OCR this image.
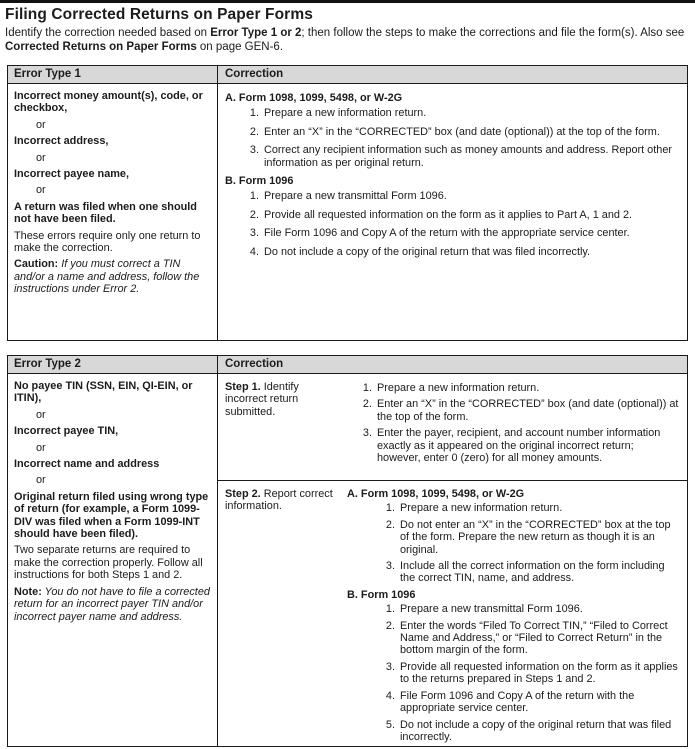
Filing Corrected Returns on Paper Forms

Identify the correction needed based on Error Type 1 or 2; then follow the steps to make the corrections and file the form(s). Also see Corrected Returns on Paper Forms on page GEN-6.

Error Type 1	Correction

Incorrect money amount(s), code, or checkbox,

or

Incorrect address,

or

Incorrect payee name,

or

A return was filed when one should not have been filed.

These errors require only one return to make the correction.

Caution: If you must correct a TIN and/or a name and address, follow the instructions under Error 2.

A. Form 1098, 1099, 5498, or W-2G
1. Prepare a new information return.
2. Enter an “X” in the “CORRECTED” box (and date (optional)) at the top of the form.
3. Correct any recipient information such as money amounts and address. Report other information as per original return.
B. Form 1096
1. Prepare a new transmittal Form 1096.
2. Provide all requested information on the form as it applies to Part A, 1 and 2.
3. File Form 1096 and Copy A of the return with the appropriate service center.
4. Do not include a copy of the original return that was filed incorrectly.
Error Type 2	Correction

No payee TIN (SSN, EIN, QI-EIN, or ITIN),

or

Incorrect payee TIN,

or

Incorrect name and address

or

Original return filed using wrong type of return (for example, a Form 1099-DIV was filed when a Form 1099-INT should have been filed).

Two separate returns are required to make the correction properly. Follow all instructions for both Steps 1 and 2.

Note: You do not have to file a corrected return for an incorrect payer TIN and/or incorrect payer name and address.

Step 1. Identify incorrect return submitted.
1. Prepare a new information return.
2. Enter an “X” in the “CORRECTED” box (and date (optional)) at the top of the form.
3. Enter the payer, recipient, and account number information exactly as it appeared on the original incorrect return; however, enter 0 (zero) for all money amounts.
Step 2. Report correct information.
A. Form 1098, 1099, 5498, or W-2G
1. Prepare a new information return.
2. Do not enter an “X” in the “CORRECTED” box at the top of the form. Prepare the new return as though it is an original.
3. Include all the correct information on the form including the correct TIN, name, and address.
B. Form 1096
1. Prepare a new transmittal Form 1096.
2. Enter the words “Filed To Correct TIN,” “Filed to Correct Name and Address,” or “Filed to Correct Return” in the bottom margin of the form.
3. Provide all requested information on the form as it applies to the returns prepared in Steps 1 and 2.
4. File Form 1096 and Copy A of the return with the appropriate service center.
5. Do not include a copy of the original return that was filed incorrectly.
